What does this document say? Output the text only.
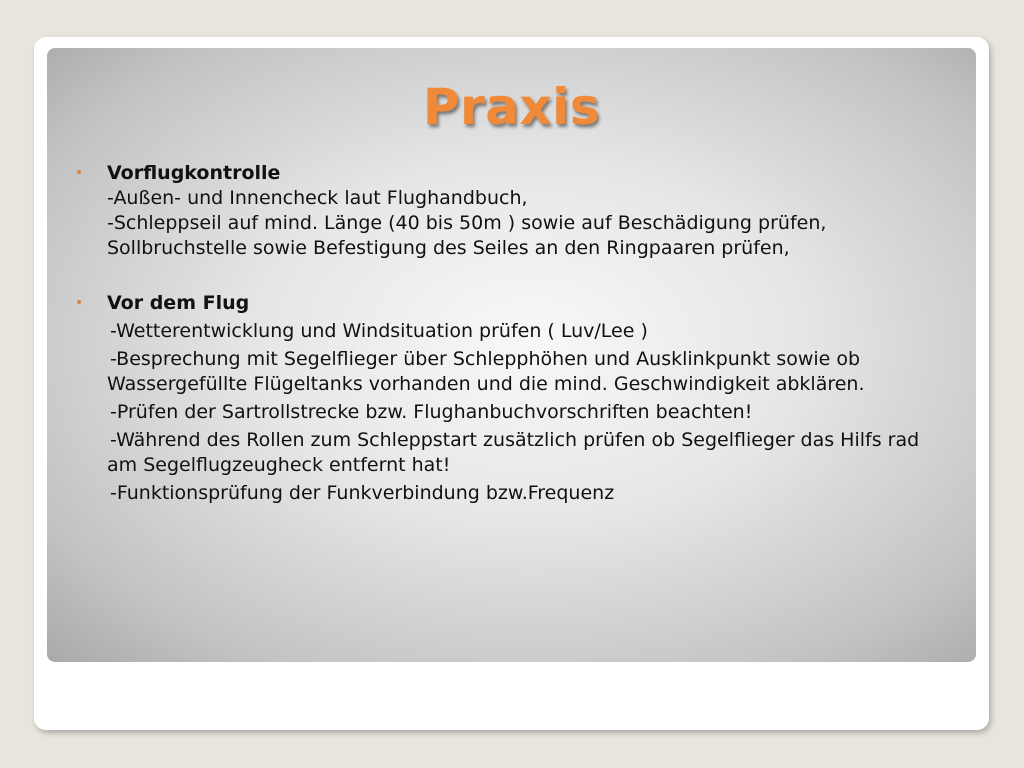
Praxis
• Vorflugkontrolle
-Außen- und Innencheck laut Flughandbuch,
-Schleppseil auf mind. Länge (40 bis 50m ) sowie auf Beschädigung prüfen, Sollbruchstelle sowie Befestigung des Seiles an den Ringpaaren prüfen,
• Vor dem Flug
-Wetterentwicklung und Windsituation prüfen ( Luv/Lee )
-Besprechung mit Segelflieger über Schlepphöhen und Ausklinkpunkt sowie ob Wassergefüllte Flügeltanks vorhanden und die mind. Geschwindigkeit abklären.
-Prüfen der Sartrollstrecke bzw. Flughanbuchvorschriften beachten!
-Während des Rollen zum Schleppstart zusätzlich prüfen ob Segelflieger das Hilfs rad am Segelflugzeugheck entfernt hat!
-Funktionsprüfung der Funkverbindung bzw.Frequenz
